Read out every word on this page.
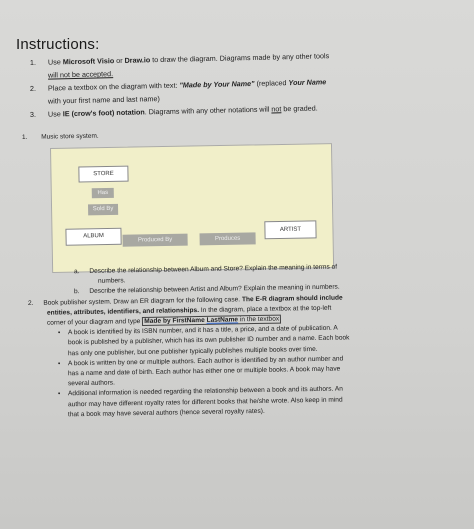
Instructions:
1.	Use Microsoft Visio or Draw.io to draw the diagram. Diagrams made by any other tools
will not be accepted.
2.	Place a textbox on the diagram with text: "Made by Your Name" (replaced Your Name
with your first name and last name)
3.	Use IE (crow's foot) notation. Diagrams with any other notations will not be graded.
1. Music store system.
STORE
Has
Sold By
ALBUM
Produced By	Produces
ARTIST
a. Describe the relationship between Album and Store? Explain the meaning in terms of
numbers.
b. Describe the relationship between Artist and Album? Explain the meaning in numbers.
2. Book publisher system. Draw an ER diagram for the following case. The E-R diagram should include
entities, attributes, identifiers, and relationships. In the diagram, place a textbox at the top-left
corner of your diagram and type Made by FirstName LastName in the textbox
• A book is identified by its ISBN number, and it has a title, a price, and a date of publication. A
book is published by a publisher, which has its own publisher ID number and a name. Each book
has only one publisher, but one publisher typically publishes multiple books over time.
• A book is written by one or multiple authors. Each author is identified by an author number and
has a name and date of birth. Each author has either one or multiple books. A book may have
several authors.
• Additional information is needed regarding the relationship between a book and its authors. An
author may have different royalty rates for different books that he/she wrote. Also keep in mind
that a book may have several authors (hence several royalty rates).
